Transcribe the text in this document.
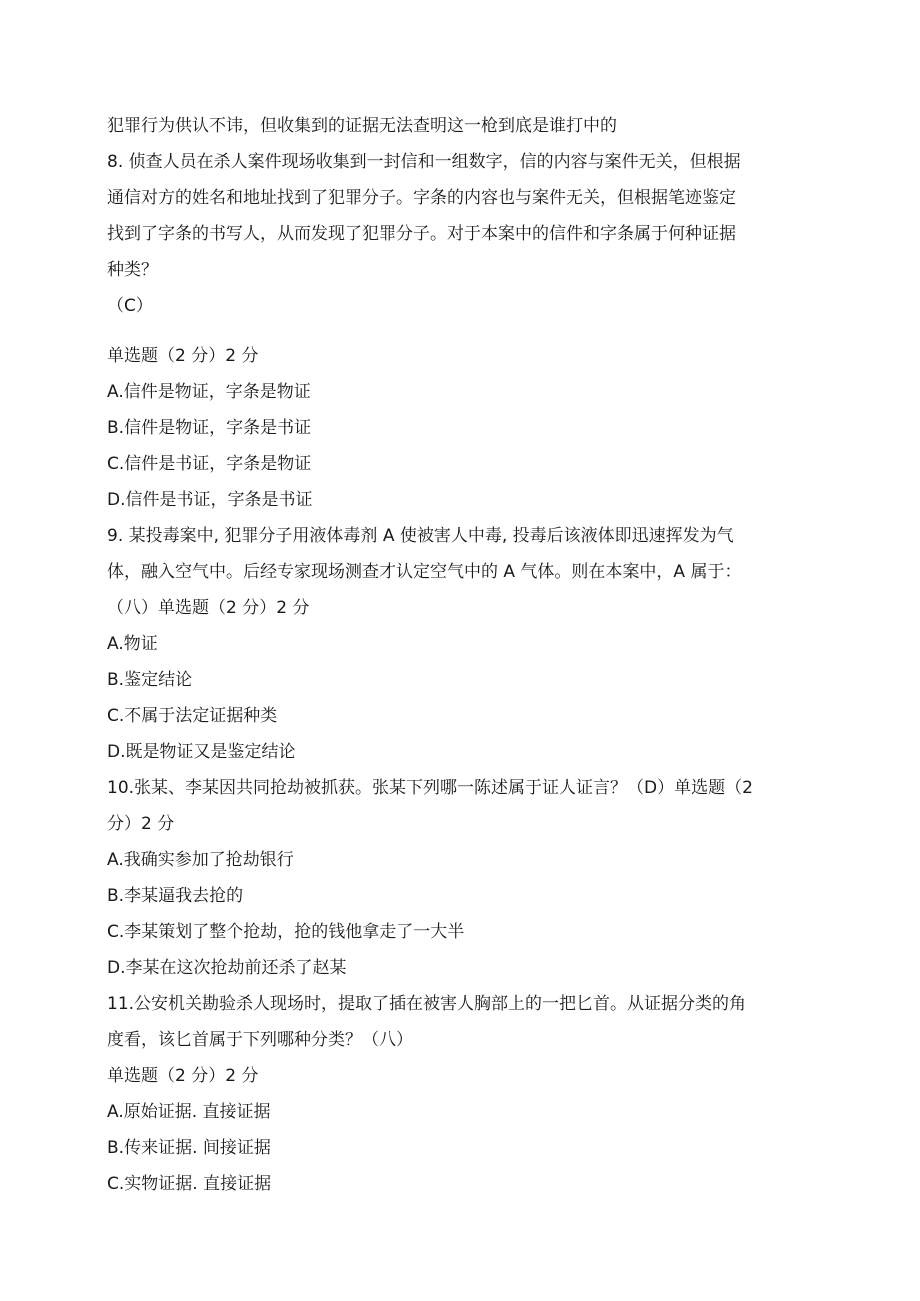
犯罪行为供认不讳，但收集到的证据无法查明这一枪到底是谁打中的

8. 侦查人员在杀人案件现场收集到一封信和一组数字，信的内容与案件无关，但根据

通信对方的姓名和地址找到了犯罪分子。字条的内容也与案件无关，但根据笔迹鉴定

找到了字条的书写人，从而发现了犯罪分子。对于本案中的信件和字条属于何种证据

种类？

（C）

单选题（2 分）2 分

A.信件是物证，字条是物证

B.信件是物证，字条是书证

C.信件是书证，字条是物证

D.信件是书证，字条是书证

9. 某投毒案中, 犯罪分子用液体毒剂 A 使被害人中毒, 投毒后该液体即迅速挥发为气

体，融入空气中。后经专家现场测查才认定空气中的 A 气体。则在本案中，A 属于：

（八）单选题（2 分）2 分

A.物证

B.鉴定结论

C.不属于法定证据种类

D.既是物证又是鉴定结论

10.张某、李某因共同抢劫被抓获。张某下列哪一陈述属于证人证言？（D）单选题（2

分）2 分

A.我确实参加了抢劫银行

B.李某逼我去抢的

C.李某策划了整个抢劫，抢的钱他拿走了一大半

D.李某在这次抢劫前还杀了赵某

11.公安机关勘验杀人现场时，提取了插在被害人胸部上的一把匕首。从证据分类的角

度看，该匕首属于下列哪种分类？（八）

单选题（2 分）2 分

A.原始证据. 直接证据

B.传来证据. 间接证据

C.实物证据. 直接证据
